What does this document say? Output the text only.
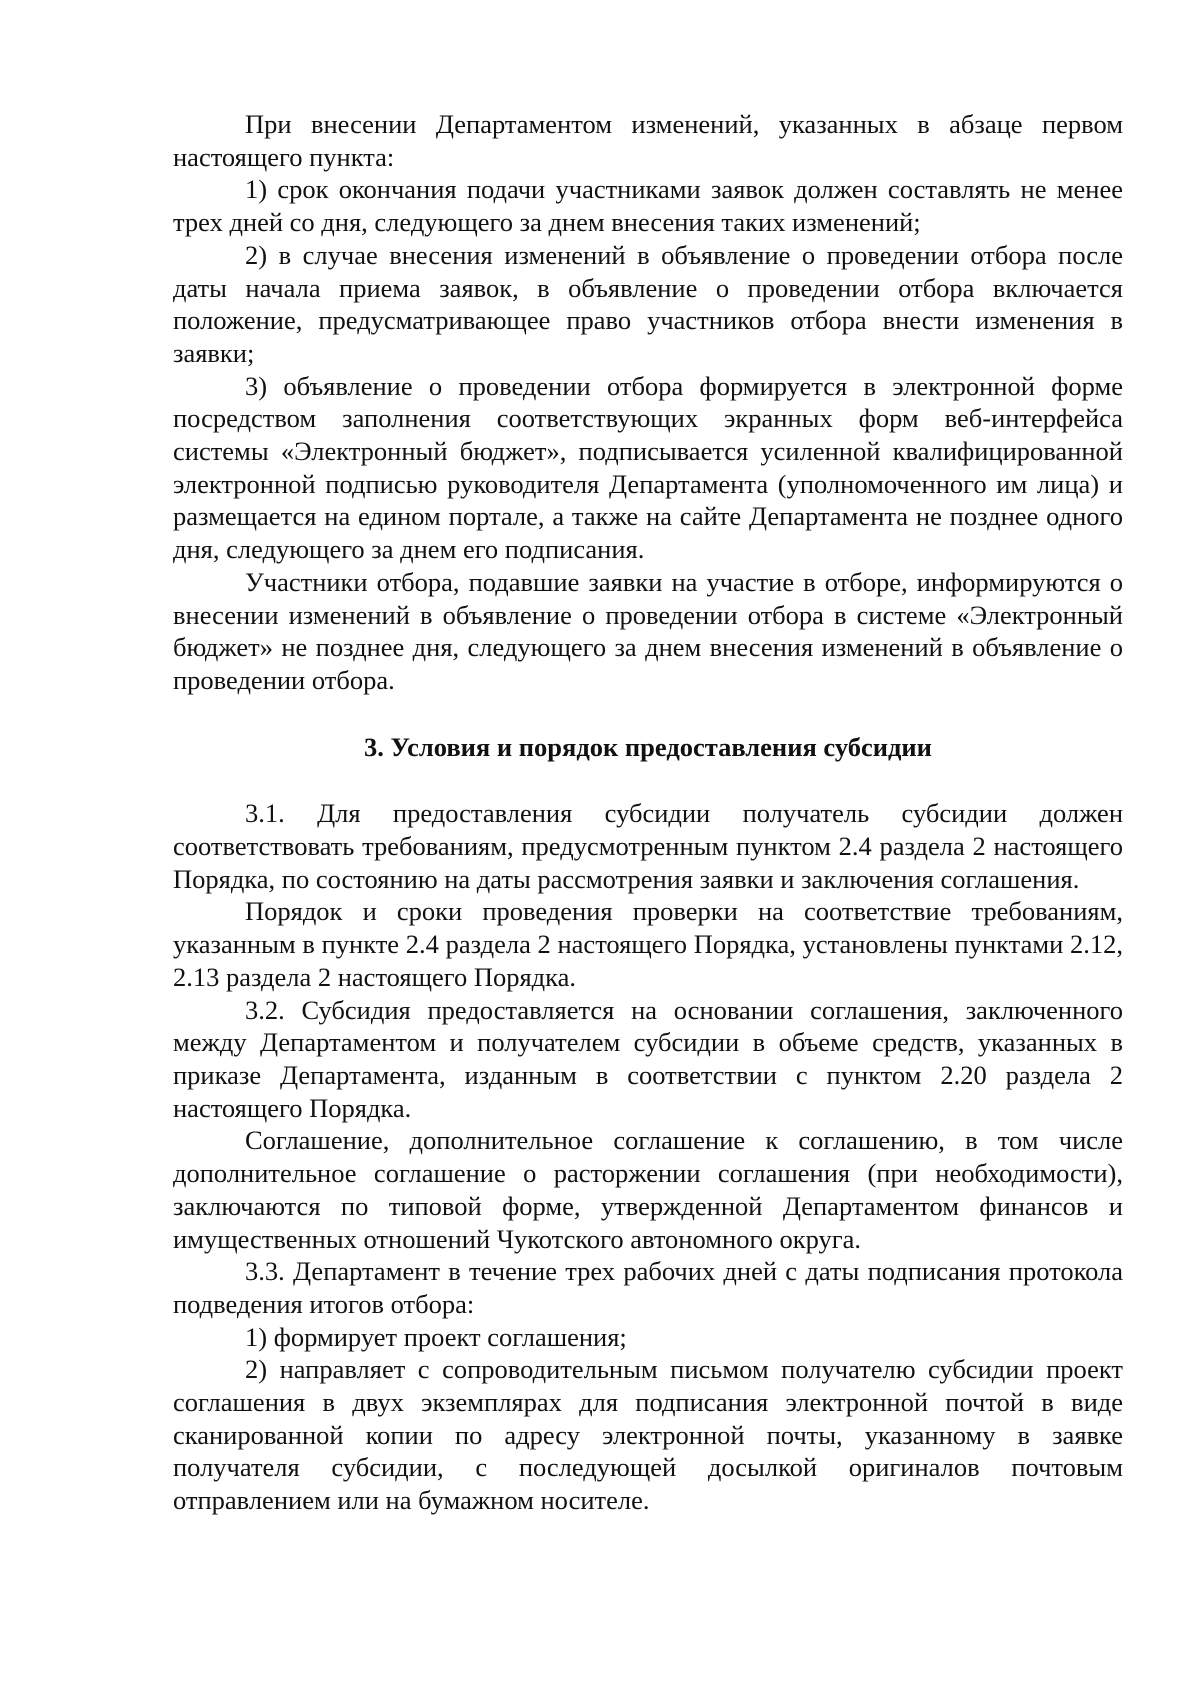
При внесении Департаментом изменений, указанных в абзаце первом настоящего пункта:

1) срок окончания подачи участниками заявок должен составлять не менее трех дней со дня, следующего за днем внесения таких изменений;

2) в случае внесения изменений в объявление о проведении отбора после даты начала приема заявок, в объявление о проведении отбора включается положение, предусматривающее право участников отбора внести изменения в заявки;

3) объявление о проведении отбора формируется в электронной форме посредством заполнения соответствующих экранных форм веб-интерфейса системы «Электронный бюджет», подписывается усиленной квалифицированной электронной подписью руководителя Департамента (уполномоченного им лица) и размещается на едином портале, а также на сайте Департамента не позднее одного дня, следующего за днем его подписания.

Участники отбора, подавшие заявки на участие в отборе, информируются о внесении изменений в объявление о проведении отбора в системе «Электронный бюджет» не позднее дня, следующего за днем внесения изменений в объявление о проведении отбора.

3. Условия и порядок предоставления субсидии

3.1. Для предоставления субсидии получатель субсидии должен соответствовать требованиям, предусмотренным пунктом 2.4 раздела 2 настоящего Порядка, по состоянию на даты рассмотрения заявки и заключения соглашения.

Порядок и сроки проведения проверки на соответствие требованиям, указанным в пункте 2.4 раздела 2 настоящего Порядка, установлены пунктами 2.12, 2.13 раздела 2 настоящего Порядка.

3.2. Субсидия предоставляется на основании соглашения, заключенного между Департаментом и получателем субсидии в объеме средств, указанных в приказе Департамента, изданным в соответствии с пунктом 2.20 раздела 2 настоящего Порядка.

Соглашение, дополнительное соглашение к соглашению, в том числе дополнительное соглашение о расторжении соглашения (при необходимости), заключаются по типовой форме, утвержденной Департаментом финансов и имущественных отношений Чукотского автономного округа.

3.3. Департамент в течение трех рабочих дней с даты подписания протокола подведения итогов отбора:

1) формирует проект соглашения;

2) направляет с сопроводительным письмом получателю субсидии проект соглашения в двух экземплярах для подписания электронной почтой в виде сканированной копии по адресу электронной почты, указанному в заявке получателя субсидии, с последующей досылкой оригиналов почтовым отправлением или на бумажном носителе.
